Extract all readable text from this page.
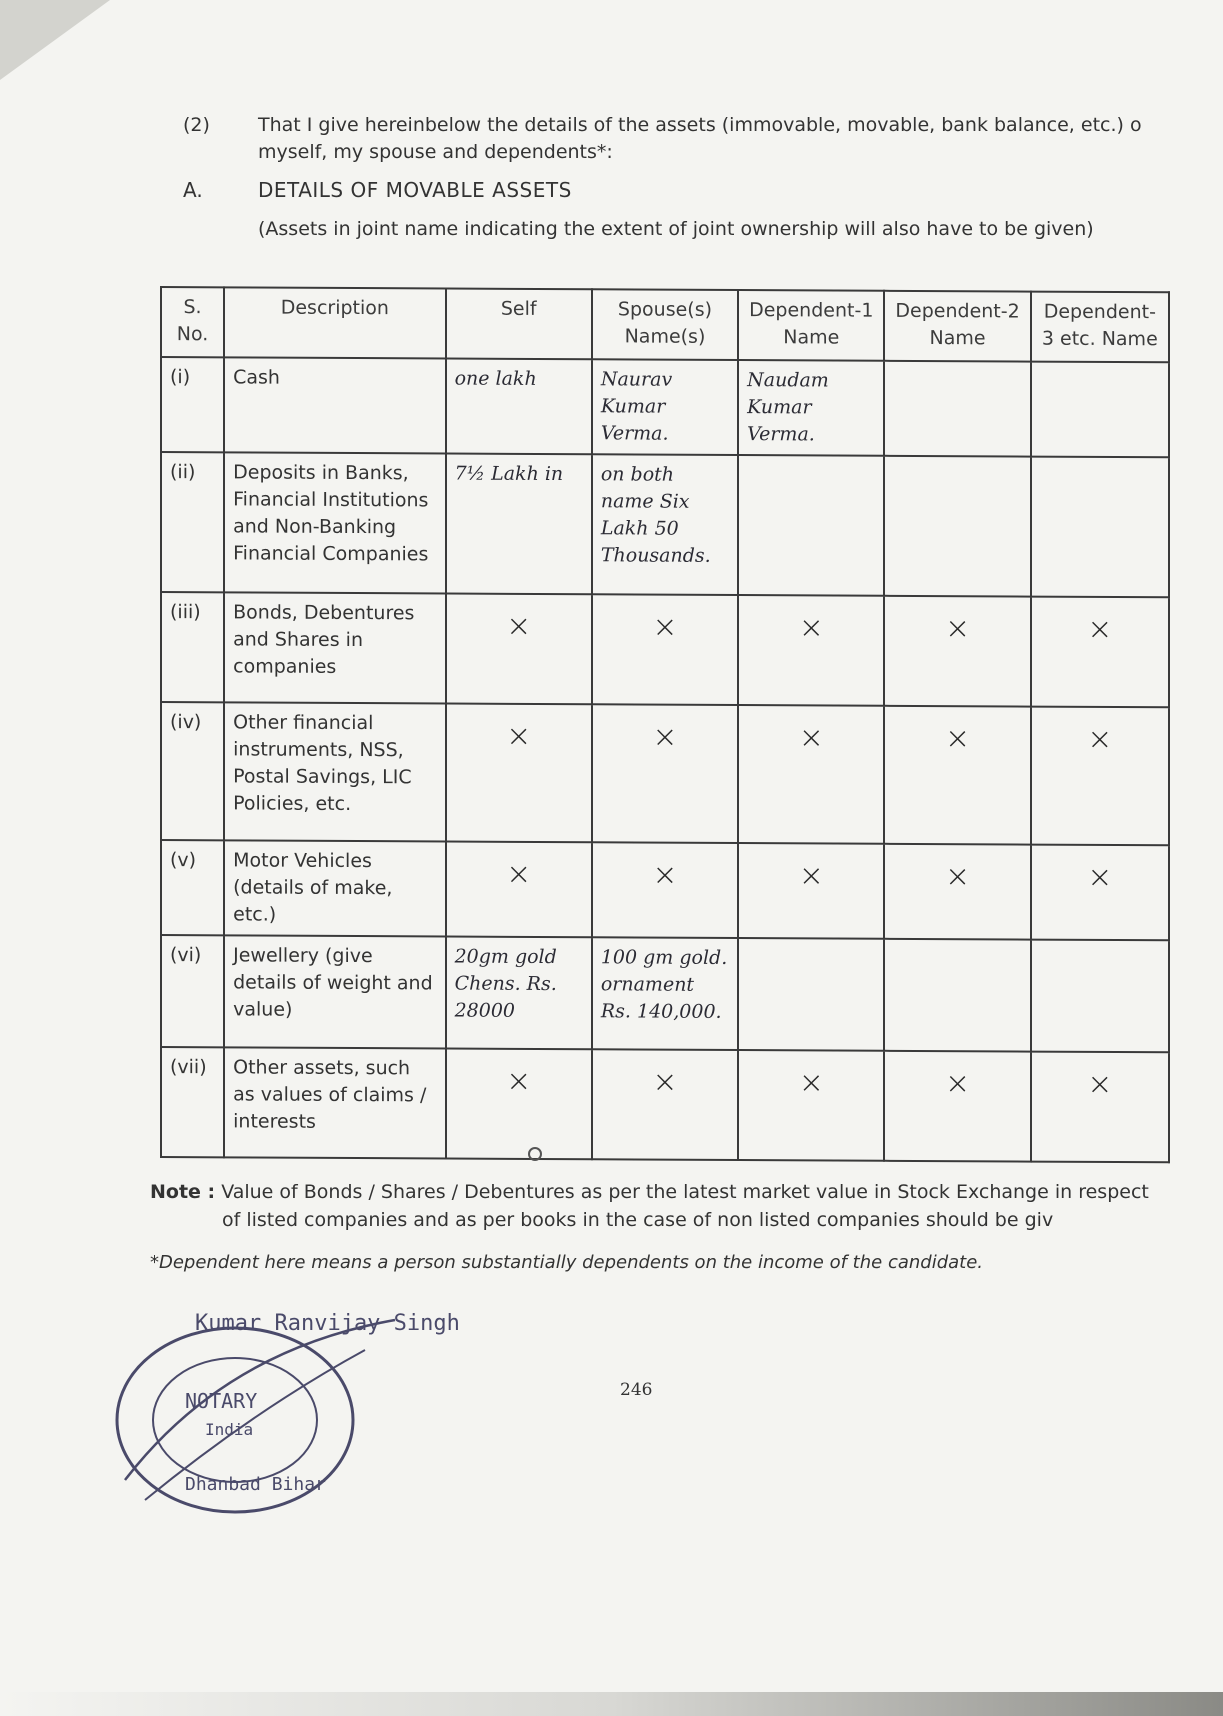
(2)	That I give hereinbelow the details of the assets (immovable, movable, bank balance, etc.) o myself, my spouse and dependents*:
A.	DETAILS OF MOVABLE ASSETS
(Assets in joint name indicating the extent of joint ownership will also have to be given)
S. No.	Description	Self	Spouse(s) Name(s)	Dependent-1 Name	Dependent-2 Name	Dependent-3 etc. Name
(i)	Cash	one lakh	Naurav Kumar Verma.	Naudam Kumar Verma.		
(ii)	Deposits in Banks, Financial Institutions and Non-Banking Financial Companies	7½ Lakh in	on both name Six Lakh 50 Thousands.			
(iii)	Bonds, Debentures and Shares in companies	×	×	×	×	×

(iv)	Other financial instruments, NSS, Postal Savings, LIC Policies, etc.	×	×	×	×	×

(v)	Motor Vehicles (details of make, etc.)	×	×	×	×	×

(vi)	Jewellery (give details of weight and value)	20gm gold Chens. Rs. 28000	100 gm gold. ornament Rs. 140,000.			
(vii)	Other assets, such as values of claims / interests	×	×	×	×	×
Note : Value of Bonds / Shares / Debentures as per the latest market value in Stock Exchange in respect
of listed companies and as per books in the case of non listed companies should be giv
*Dependent here means a person substantially dependents on the income of the candidate.
Kumar Ranvijay Singh
NOTARY
India
Dhanbad Bihar
246
